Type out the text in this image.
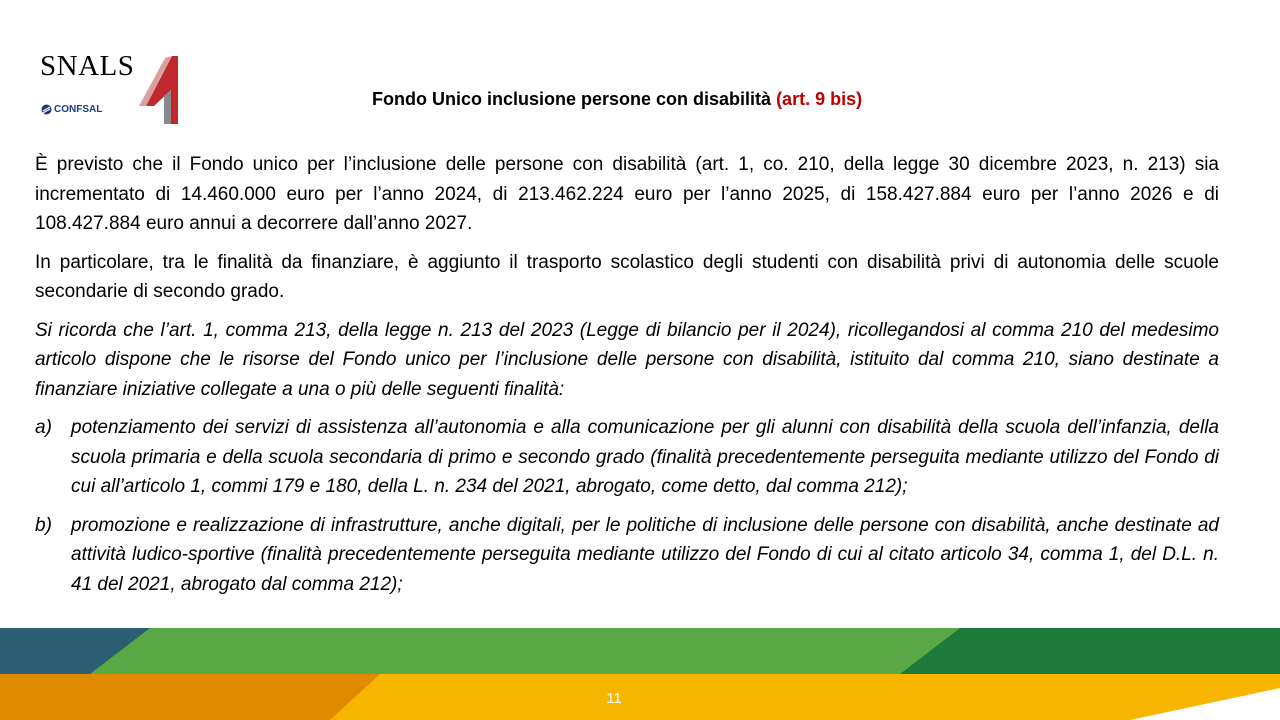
SNALS
CONFSAL
Fondo Unico inclusione persone con disabilità (art. 9 bis)

È previsto che il Fondo unico per l’inclusione delle persone con disabilità (art. 1, co. 210, della legge 30 dicembre 2023, n. 213) sia incrementato di 14.460.000 euro per l’anno 2024, di 213.462.224 euro per l’anno 2025, di 158.427.884 euro per l’anno 2026 e di 108.427.884 euro annui a decorrere dall’anno 2027.

In particolare, tra le finalità da finanziare, è aggiunto il trasporto scolastico degli studenti con disabilità privi di autonomia delle scuole secondarie di secondo grado.

Si ricorda che l’art. 1, comma 213, della legge n. 213 del 2023 (Legge di bilancio per il 2024), ricollegandosi al comma 210 del medesimo articolo dispone che le risorse del Fondo unico per l’inclusione delle persone con disabilità, istituito dal comma 210, siano destinate a finanziare iniziative collegate a una o più delle seguenti finalità:

a)	potenziamento dei servizi di assistenza all’autonomia e alla comunicazione per gli alunni con disabilità della scuola dell’infanzia, della scuola primaria e della scuola secondaria di primo e secondo grado (finalità precedentemente perseguita mediante utilizzo del Fondo di cui all’articolo 1, commi 179 e 180, della L. n. 234 del 2021, abrogato, come detto, dal comma 212);
b)	promozione e realizzazione di infrastrutture, anche digitali, per le politiche di inclusione delle persone con disabilità, anche destinate ad attività ludico-sportive (finalità precedentemente perseguita mediante utilizzo del Fondo di cui al citato articolo 34, comma 1, del D.L. n. 41 del 2021, abrogato dal comma 212);
11
